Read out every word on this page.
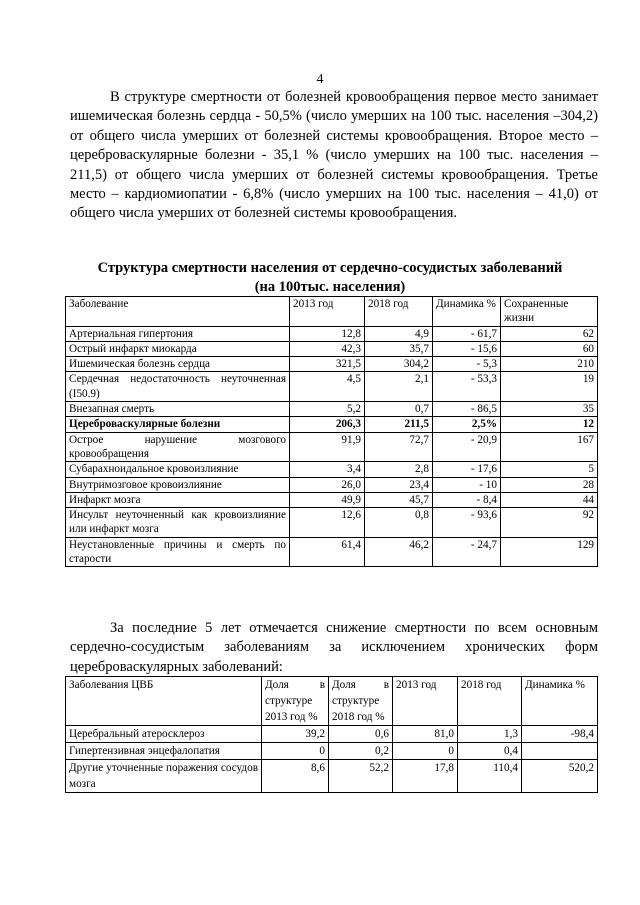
4

В структуре смертности от болезней кровообращения первое место занимает ишемическая болезнь сердца - 50,5% (число умерших на 100 тыс. населения –304,2) от общего числа умерших от болезней системы кровообращения. Второе место – цереброваскулярные болезни - 35,1 % (число умерших на 100 тыс. населения – 211,5) от общего числа умерших от болезней системы кровообращения. Третье место – кардиомиопатии - 6,8% (число умерших на 100 тыс. населения – 41,0) от общего числа умерших от болезней системы кровообращения.

Структура смертности населения от сердечно-сосудистых заболеваний
(на 100тыс. населения)
Заболевание	2013 год	2018 год	Динамика %	Сохраненные жизни
Артериальная гипертония	12,8	4,9	- 61,7	62
Острый инфаркт миокарда	42,3	35,7	- 15,6	60
Ишемическая болезнь сердца	321,5	304,2	- 5,3	210
Сердечная недостаточность неуточненная (I50.9)	4,5	2,1	- 53,3	19
Внезапная смерть	5,2	0,7	- 86,5	35
Цереброваскулярные болезни	206,3	211,5	2,5%	12
Острое нарушение мозгового кровообращения	91,9	72,7	- 20,9	167
Субарахноидальное кровоизлияние	3,4	2,8	- 17,6	5
Внутримозговое кровоизлияние	26,0	23,4	- 10	28
Инфаркт мозга	49,9	45,7	- 8,4	44
Инсульт неуточненный как кровоизлияние или инфаркт мозга	12,6	0,8	- 93,6	92
Неустановленные причины и смерть по старости	61,4	46,2	- 24,7	129

За последние 5 лет отмечается снижение смертности по всем основным сердечно-сосудистым заболеваниям за исключением хронических форм цереброваскулярных заболеваний:

Заболевания ЦВБ	Доля в структуре 2013 год %	Доля в структуре 2018 год %	2013 год	2018 год	Динамика %
Церебральный атеросклероз	39,2	0,6	81,0	1,3	-98,4
Гипертензивная энцефалопатия	0	0,2	0	0,4	
Другие уточненные поражения сосудов мозга	8,6	52,2	17,8	110,4	520,2
